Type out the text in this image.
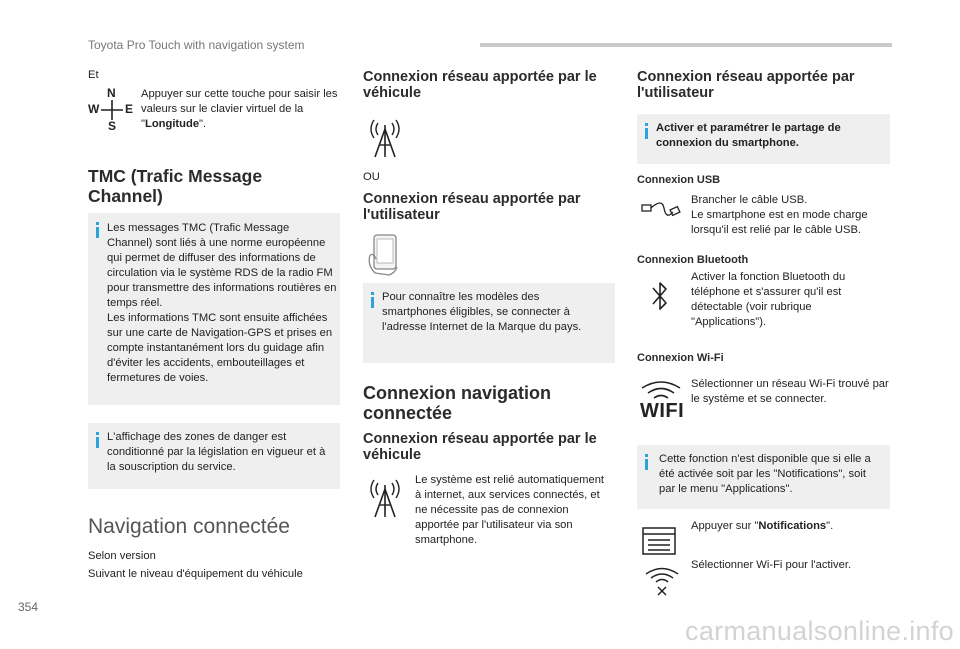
Toyota Pro Touch with navigation system
Et
N
W E
S
Appuyer sur cette touche pour saisir les valeurs sur le clavier virtuel de la "Longitude".
TMC (Trafic Message Channel)
Les messages TMC (Trafic Message Channel) sont liés à une norme européenne qui permet de diffuser des informations de circulation via le système RDS de la radio FM pour transmettre des informations routières en temps réel.
Les informations TMC sont ensuite affichées sur une carte de Navigation-GPS et prises en compte instantanément lors du guidage afin d'éviter les accidents, embouteillages et fermetures de voies.
L'affichage des zones de danger est conditionné par la législation en vigueur et à la souscription du service.
Navigation connectée
Selon version
Suivant le niveau d'équipement du véhicule
Connexion réseau apportée par le véhicule
OU
Connexion réseau apportée par l'utilisateur
Pour connaître les modèles des smartphones éligibles, se connecter à l'adresse Internet de la Marque du pays.
Connexion navigation connectée
Connexion réseau apportée par le véhicule
Le système est relié automatiquement à internet, aux services connectés, et ne nécessite pas de connexion apportée par l'utilisateur via son smartphone.
Connexion réseau apportée par l'utilisateur
Activer et paramétrer le partage de connexion du smartphone.
Connexion USB
Brancher le câble USB.
Le smartphone est en mode charge lorsqu'il est relié par le câble USB.
Connexion Bluetooth
Activer la fonction Bluetooth du téléphone et s'assurer qu'il est détectable (voir rubrique "Applications").
Connexion Wi-Fi
WIFI
Sélectionner un réseau Wi-Fi trouvé par le système et se connecter.
Cette fonction n'est disponible que si elle a été activée soit par les "Notifications", soit par le menu "Applications".
Appuyer sur "Notifications".
Sélectionner Wi-Fi pour l'activer.
354
carmanualsonline.info
